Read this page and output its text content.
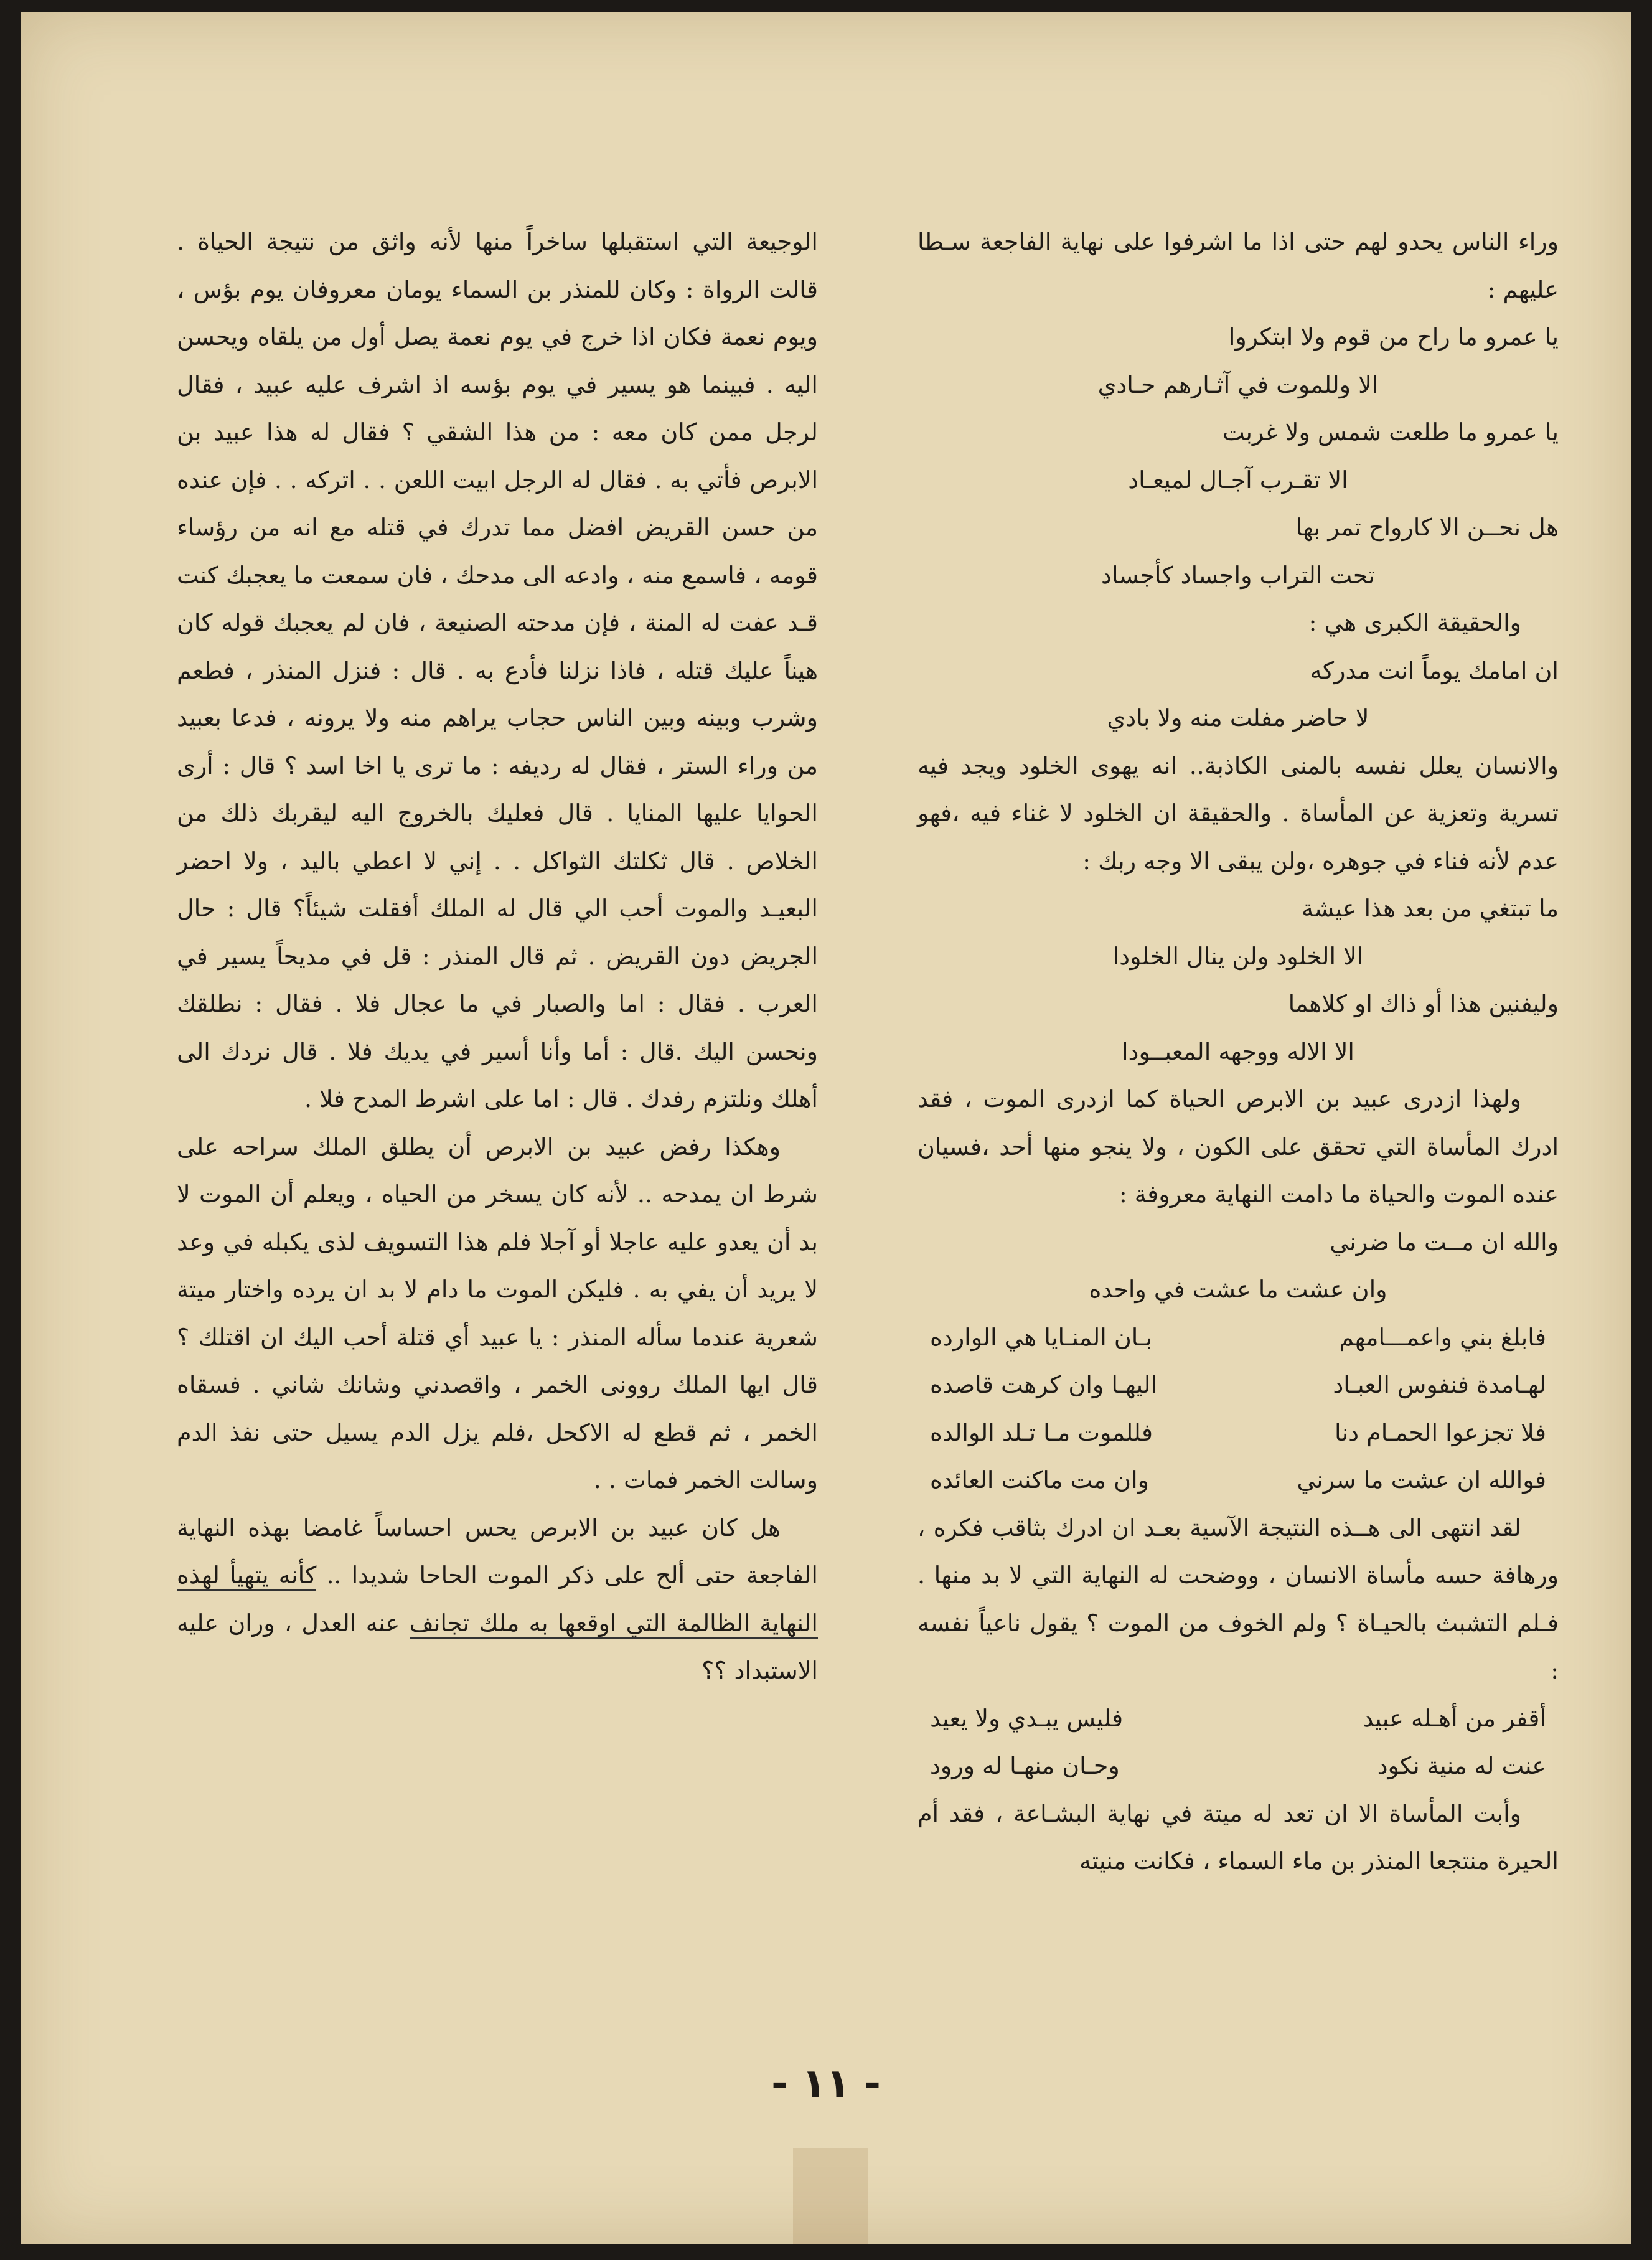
وراء الناس يحدو لهم حتى اذا ما اشرفوا على نهاية الفاجعة سـطا عليهم :

يا عمرو ما راح من قوم ولا ابتكروا
الا وللموت في آثـارهم حـادي
يا عمرو ما طلعت شمس ولا غربت
الا تقـرب آجـال لميعـاد
هل نحــن الا كارواح تمر بها
تحت التراب واجساد كأجساد

والحقيقة الكبرى هي :

ان امامك يوماً انت مدركه
لا حاضر مفلت منه ولا بادي

والانسان يعلل نفسه بالمنى الكاذبة.. انه يهوى الخلود ويجد فيه تسرية وتعزية عن المأساة . والحقيقة ان الخلود لا غناء فيه ،فهو عدم لأنه فناء في جوهره ،ولن يبقى الا وجه ربك :

ما تبتغي من بعد هذا عيشة
الا الخلود ولن ينال الخلودا
وليفنين هذا أو ذاك او كلاهما
الا الاله ووجهه المعبــودا

ولهذا ازدرى عبيد بن الابرص الحياة كما ازدرى الموت ، فقد ادرك المأساة التي تحقق على الكون ، ولا ينجو منها أحد ،فسيان عنده الموت والحياة ما دامت النهاية معروفة :

والله ان مــت ما ضرني
وان عشت ما عشت في واحده
فابلغ بني واعمـــامهم
بـان المنـايا هي الوارده
لهـامدة فنفوس العبـاد
اليهـا وان كرهت قاصده
فلا تجزعوا الحمـام دنا
فللموت مـا تـلد الوالده
فوالله ان عشت ما سرني
وان مت ماكنت العائده

لقد انتهى الى هــذه النتيجة الآسية بعـد ان ادرك بثاقب فكره ، ورهافة حسه مأساة الانسان ، ووضحت له النهاية التي لا بد منها . فـلم التشبث بالحيـاة ؟ ولم الخوف من الموت ؟ يقول ناعياً نفسه :

أقفر من أهـله عبيد
فليس يبـدي ولا يعيد
عنت له منية نكود
وحـان منهـا له ورود

وأبت المأساة الا ان تعد له ميتة في نهاية البشـاعة ، فقد أم الحيرة منتجعا المنذر بن ماء السماء ، فكانت منيته

الوجيعة التي استقبلها ساخراً منها لأنه واثق من نتيجة الحياة . قالت الرواة : وكان للمنذر بن السماء يومان معروفان يوم بؤس ، ويوم نعمة فكان اذا خرج في يوم نعمة يصل أول من يلقاه ويحسن اليه . فبينما هو يسير في يوم بؤسه اذ اشرف عليه عبيد ، فقال لرجل ممن كان معه : من هذا الشقي ؟ فقال له هذا عبيد بن الابرص فأتي به . فقال له الرجل ابيت اللعن . . اتركه . . فإن عنده من حسن القريض افضل مما تدرك في قتله مع انه من رؤساء قومه ، فاسمع منه ، وادعه الى مدحك ، فان سمعت ما يعجبك كنت قـد عفت له المنة ، فإن مدحته الصنيعة ، فان لم يعجبك قوله كان هيناً عليك قتله ، فاذا نزلنا فأدع به . قال : فنزل المنذر ، فطعم وشرب وبينه وبين الناس حجاب يراهم منه ولا يرونه ، فدعا بعبيد من وراء الستر ، فقال له رديفه : ما ترى يا اخا اسد ؟ قال : أرى الحوايا عليها المنايا . قال فعليك بالخروج اليه ليقربك ذلك من الخلاص . قال ثكلتك الثواكل . . إني لا اعطي باليد ، ولا احضر البعيـد والموت أحب الي قال له الملك أفقلت شيئاً؟ قال : حال الجريض دون القريض . ثم قال المنذر : قل في مديحاً يسير في العرب . فقال : اما والصبار في ما عجال فلا . فقال : نطلقك ونحسن اليك .قال : أما وأنا أسير في يديك فلا . قال نردك الى أهلك ونلتزم رفدك . قال : اما على اشرط المدح فلا .

وهكذا رفض عبيد بن الابرص أن يطلق الملك سراحه على شرط ان يمدحه .. لأنه كان يسخر من الحياه ، ويعلم أن الموت لا بد أن يعدو عليه عاجلا أو آجلا فلم هذا التسويف لذى يكبله في وعد لا يريد أن يفي به . فليكن الموت ما دام لا بد ان يرده واختار ميتة شعرية عندما سأله المنذر : يا عبيد أي قتلة أحب اليك ان اقتلك ؟ قال ايها الملك روونى الخمر ، واقصدني وشانك شاني . فسقاه الخمر ، ثم قطع له الاكحل ،فلم يزل الدم يسيل حتى نفذ الدم وسالت الخمر فمات . .

هل كان عبيد بن الابرص يحس احساساً غامضا بهذه النهاية الفاجعة حتى ألح على ذكر الموت الحاحا شديدا .. كأنه يتهيأ لهذه النهاية الظالمة التي اوقعها به ملك تجانف عنه العدل ، وران عليه الاستبداد ؟؟

- ١١ -
